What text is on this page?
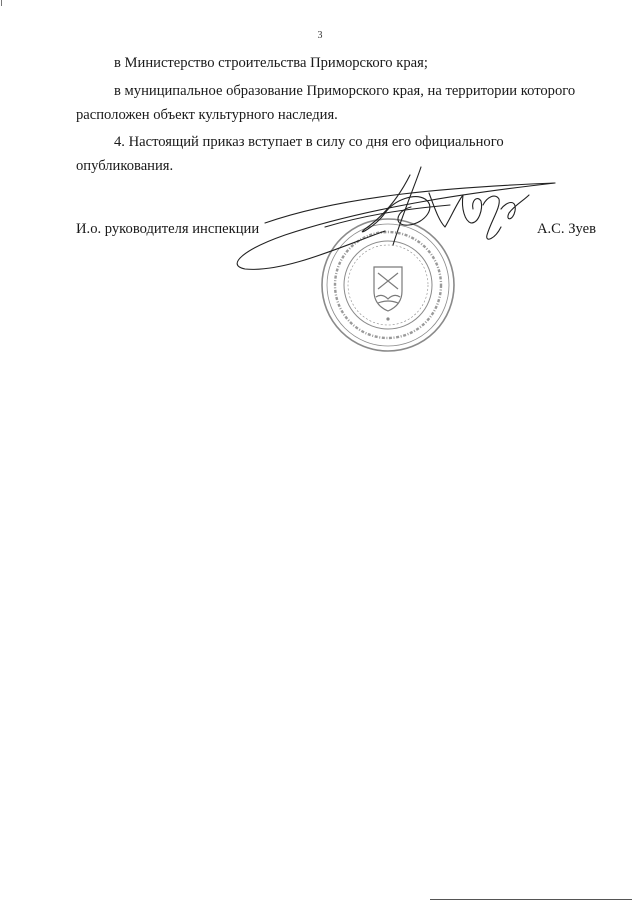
3

в Министерство строительства Приморского края;

в муниципальное образование Приморского края, на территории которого расположен объект культурного наследия.

4. Настоящий приказ вступает в силу со дня его официального опубликования.

И.о. руководителя инспекции	А.С. Зуев
